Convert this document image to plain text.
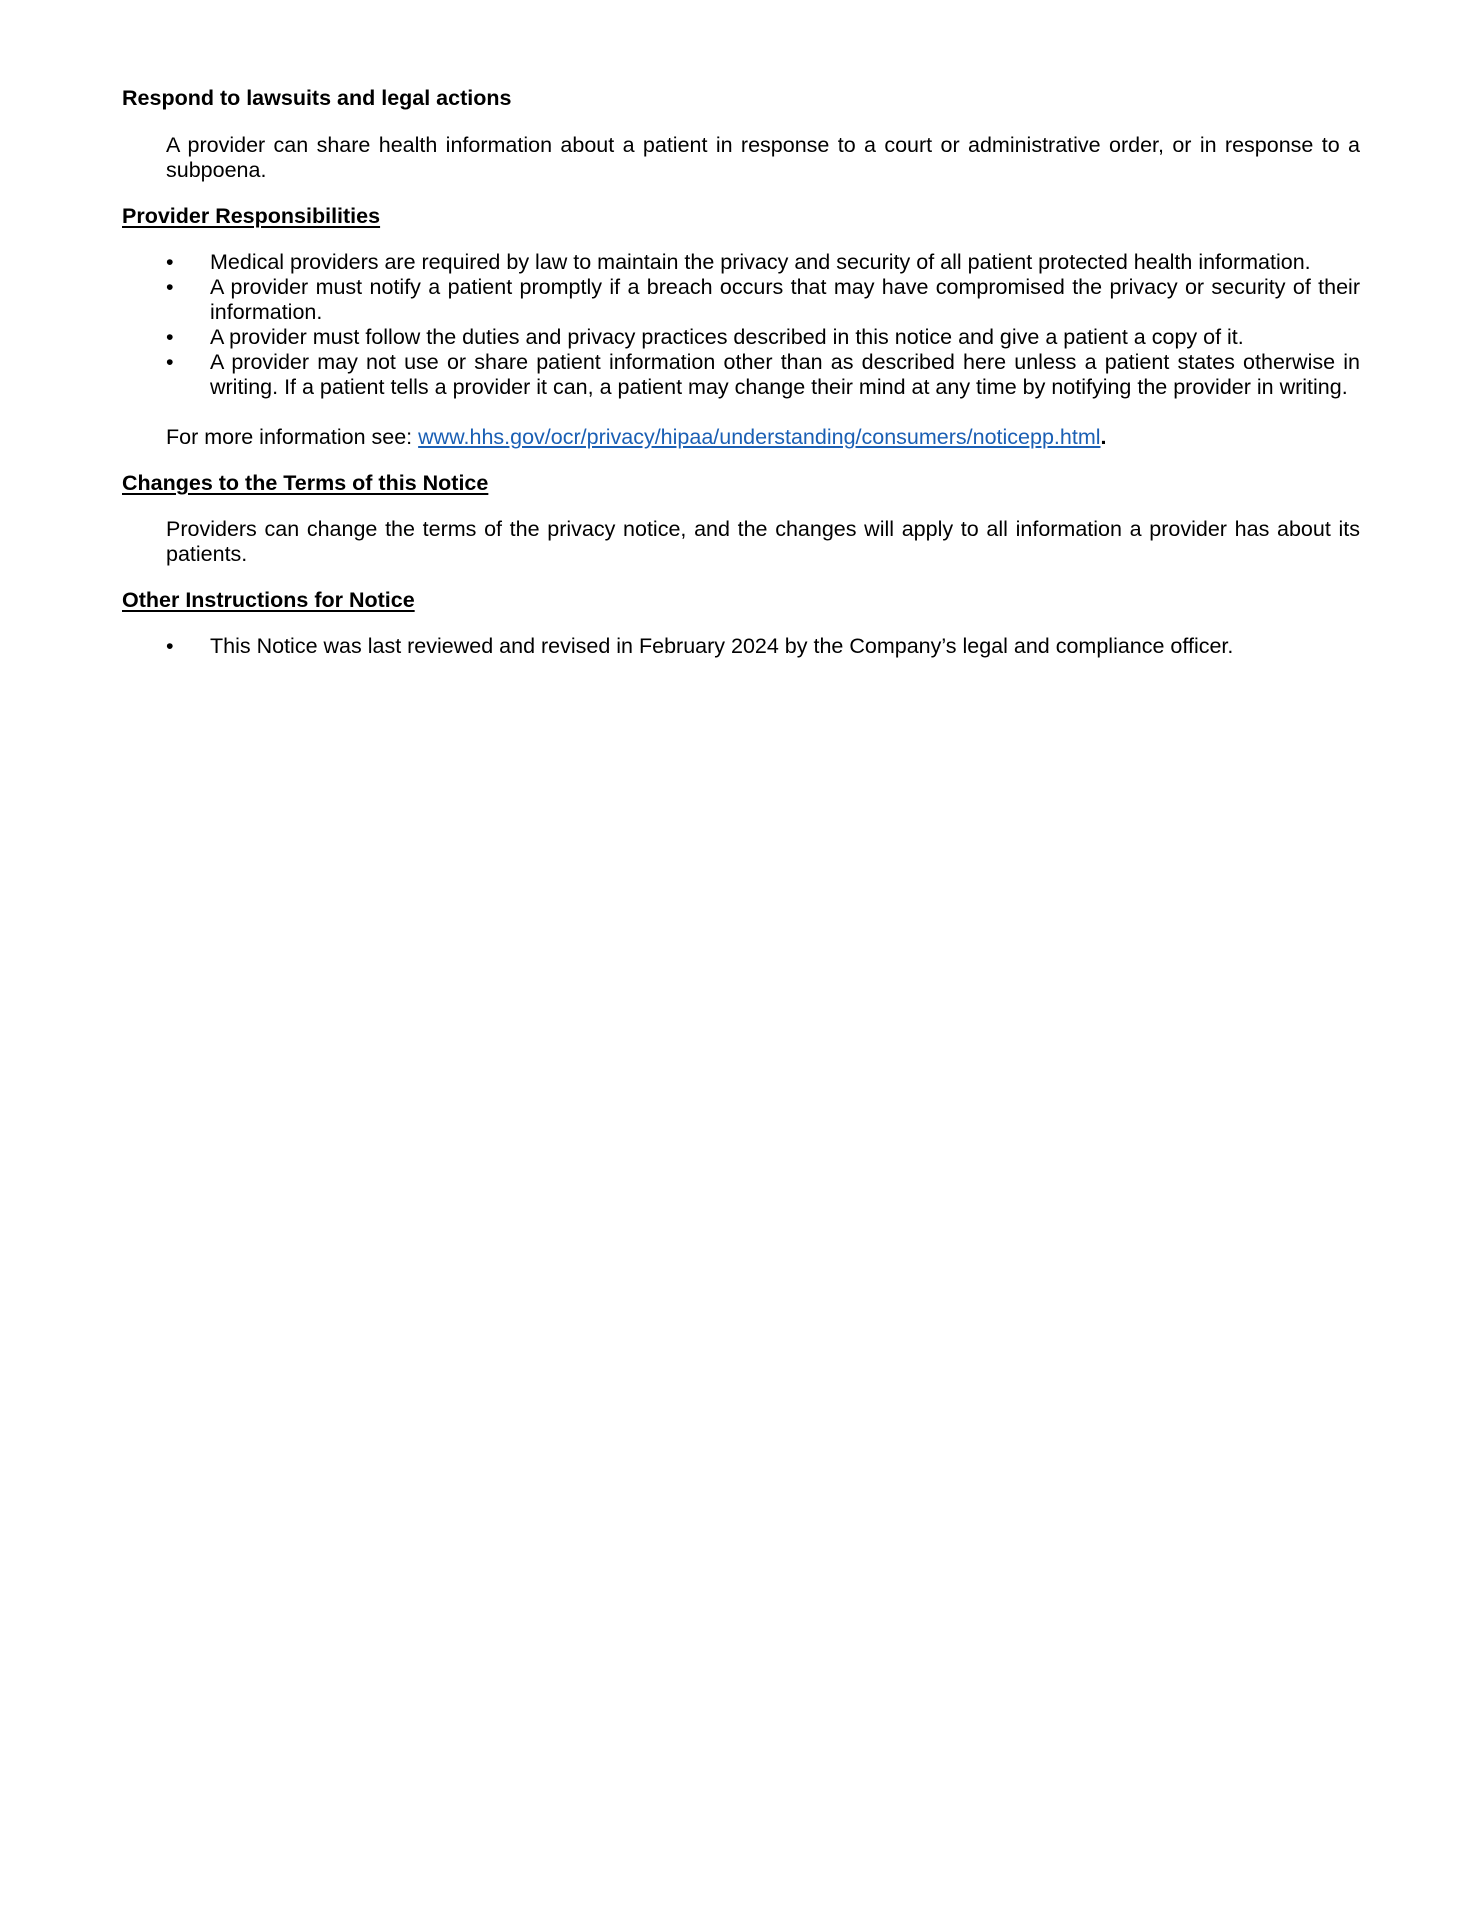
Respond to lawsuits and legal actions

A provider can share health information about a patient in response to a court or administrative order, or in response to a subpoena.

Provider Responsibilities
•	Medical providers are required by law to maintain the privacy and security of all patient protected health information.
•	A provider must notify a patient promptly if a breach occurs that may have compromised the privacy or security of their information.
•	A provider must follow the duties and privacy practices described in this notice and give a patient a copy of it.
•	A provider may not use or share patient information other than as described here unless a patient states otherwise in writing. If a patient tells a provider it can, a patient may change their mind at any time by notifying the provider in writing.

For more information see: www.hhs.gov/ocr/privacy/hipaa/understanding/consumers/noticepp.html.

Changes to the Terms of this Notice

Providers can change the terms of the privacy notice, and the changes will apply to all information a provider has about its patients.

Other Instructions for Notice
•	This Notice was last reviewed and revised in February 2024 by the Company’s legal and compliance officer.
